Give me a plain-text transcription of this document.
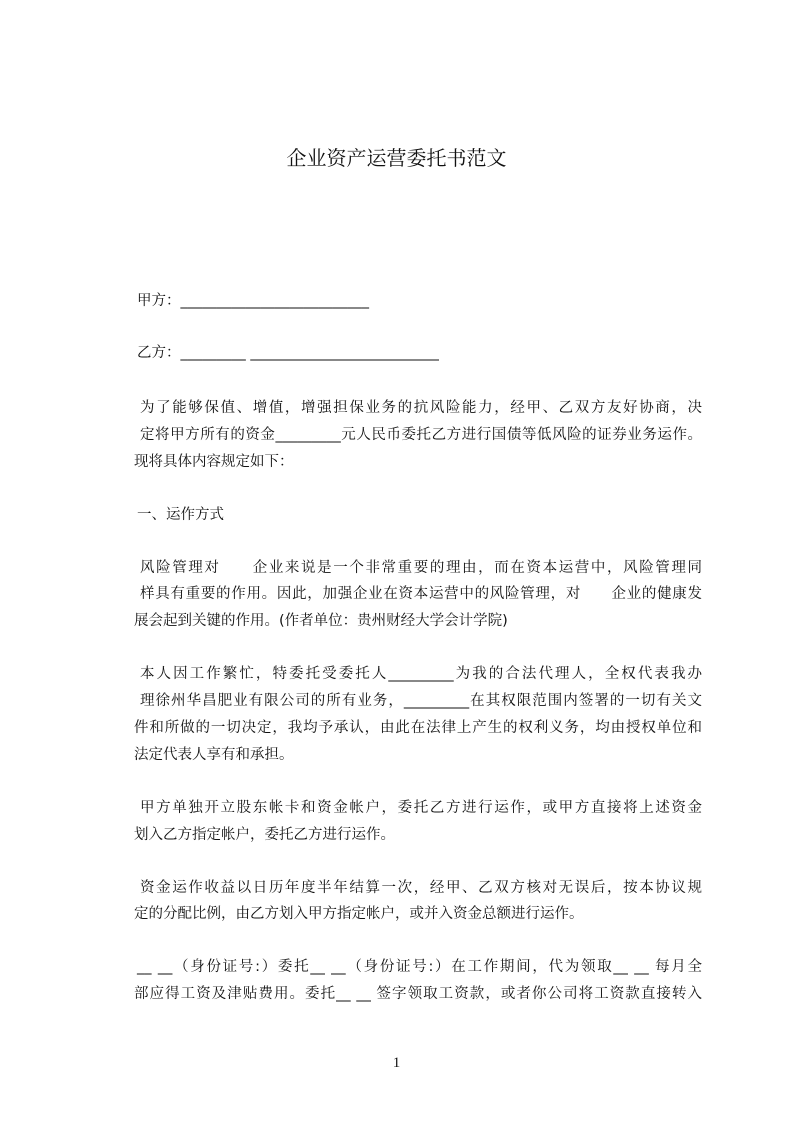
企业资产运营委托书范文
甲方：__________________________
乙方：_________ __________________________
为了能够保值、增值，增强担保业务的抗风险能力，经甲、乙双方友好协商，决
定将甲方所有的资金_________元人民币委托乙方进行国债等低风险的证券业务运作。
现将具体内容规定如下：
一、运作方式
风险管理对　　企业来说是一个非常重要的理由，而在资本运营中，风险管理同
样具有重要的作用。因此，加强企业在资本运营中的风险管理，对　　企业的健康发
展会起到关键的作用。(作者单位：贵州财经大学会计学院)
本人因工作繁忙，特委托受委托人_________为我的合法代理人，全权代表我办
理徐州华昌肥业有限公司的所有业务，_________在其权限范围内签署的一切有关文
件和所做的一切决定，我均予承认，由此在法律上产生的权利义务，均由授权单位和
法定代表人享有和承担。
甲方单独开立股东帐卡和资金帐户，委托乙方进行运作，或甲方直接将上述资金
划入乙方指定帐户，委托乙方进行运作。
资金运作收益以日历年度半年结算一次，经甲、乙双方核对无误后，按本协议规
定的分配比例，由乙方划入甲方指定帐户，或并入资金总额进行运作。
__ __（身份证号:）委托__ __（身份证号:）在工作期间，代为领取__ __ 每月全
部应得工资及津贴费用。委托__ __ 签字领取工资款，或者你公司将工资款直接转入
1
